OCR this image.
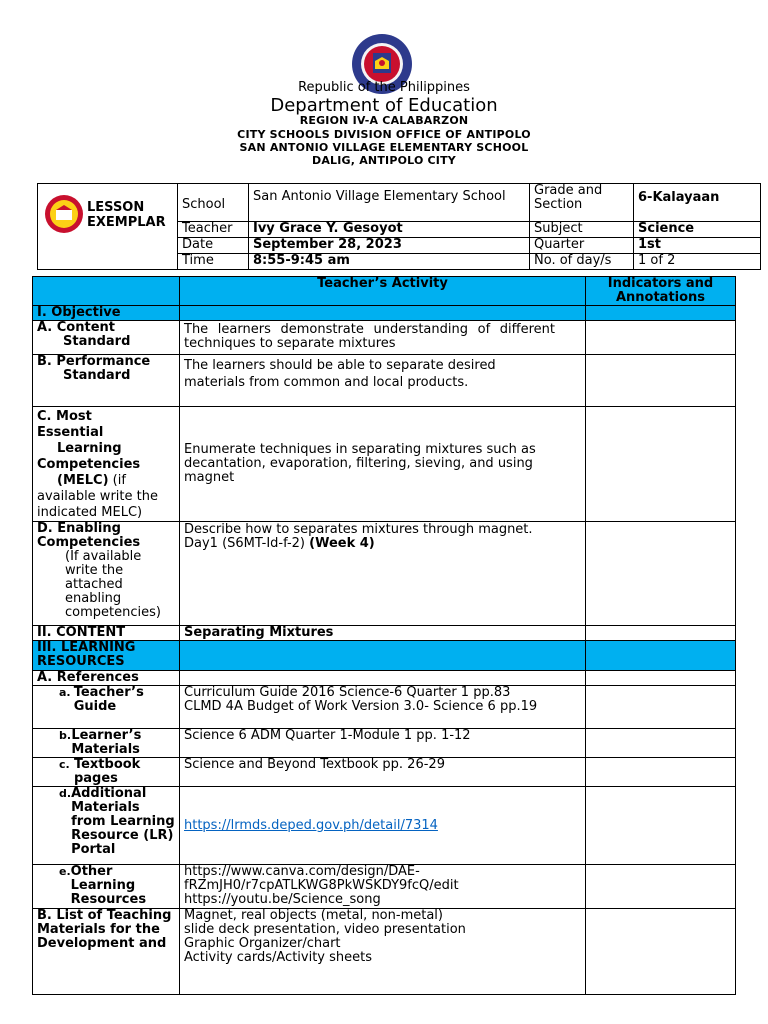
Republic of the Philippines
Department of Education
REGION IV-A CALABARZON
CITY SCHOOLS DIVISION OFFICE OF ANTIPOLO
SAN ANTONIO VILLAGE ELEMENTARY SCHOOL
DALIG, ANTIPOLO CITY
LESSON
EXEMPLAR	School	San Antonio Village Elementary School	Grade and Section	6-Kalayaan
	Teacher	Ivy Grace Y. Gesoyot	Subject	Science
	Date	September 28, 2023	Quarter	1st
	Time	8:55-9:45 am	No. of day/s	1 of 2
	Teacher’s Activity	Indicators and Annotations
I. Objective		
A. Content

Standard	The learners demonstrate understanding of different techniques to separate mixtures	
B. Performance

Standard	The learners should be able to separate desired
materials from common and local products.	
C. Most
Essential

Learning
Competencies
(MELC) (if available write the indicated MELC)	Enumerate techniques in separating mixtures such as decantation, evaporation, filtering, sieving, and using magnet	
D. Enabling
Competencies

(If available write the attached enabling competencies)	Describe how to separates mixtures through magnet.
Day1 (S6MT-Id-f-2) (Week 4)	
II. CONTENT	Separating Mixtures	
III. LEARNING RESOURCES		
A. References		

a. Teacher’s Guide	Curriculum Guide 2016 Science-6 Quarter 1 pp.83
CLMD 4A Budget of Work Version 3.0- Science 6 pp.19	

b. Learner’s Materials	Science 6 ADM Quarter 1-Module 1 pp. 1-12	

c. Textbook pages	Science and Beyond Textbook pp. 26-29	

d. Additional Materials from Learning Resource (LR) Portal	https://lrmds.deped.gov.ph/detail/7314	

e. Other Learning Resources	https://www.canva.com/design/DAE-fRZmJH0/r7cpATLKWG8PkWSKDY9fcQ/edit
https://youtu.be/Science_song	

B. List of Teaching Materials for the Development and	Magnet, real objects (metal, non-metal)
slide deck presentation, video presentation
Graphic Organizer/chart
Activity cards/Activity sheets	
